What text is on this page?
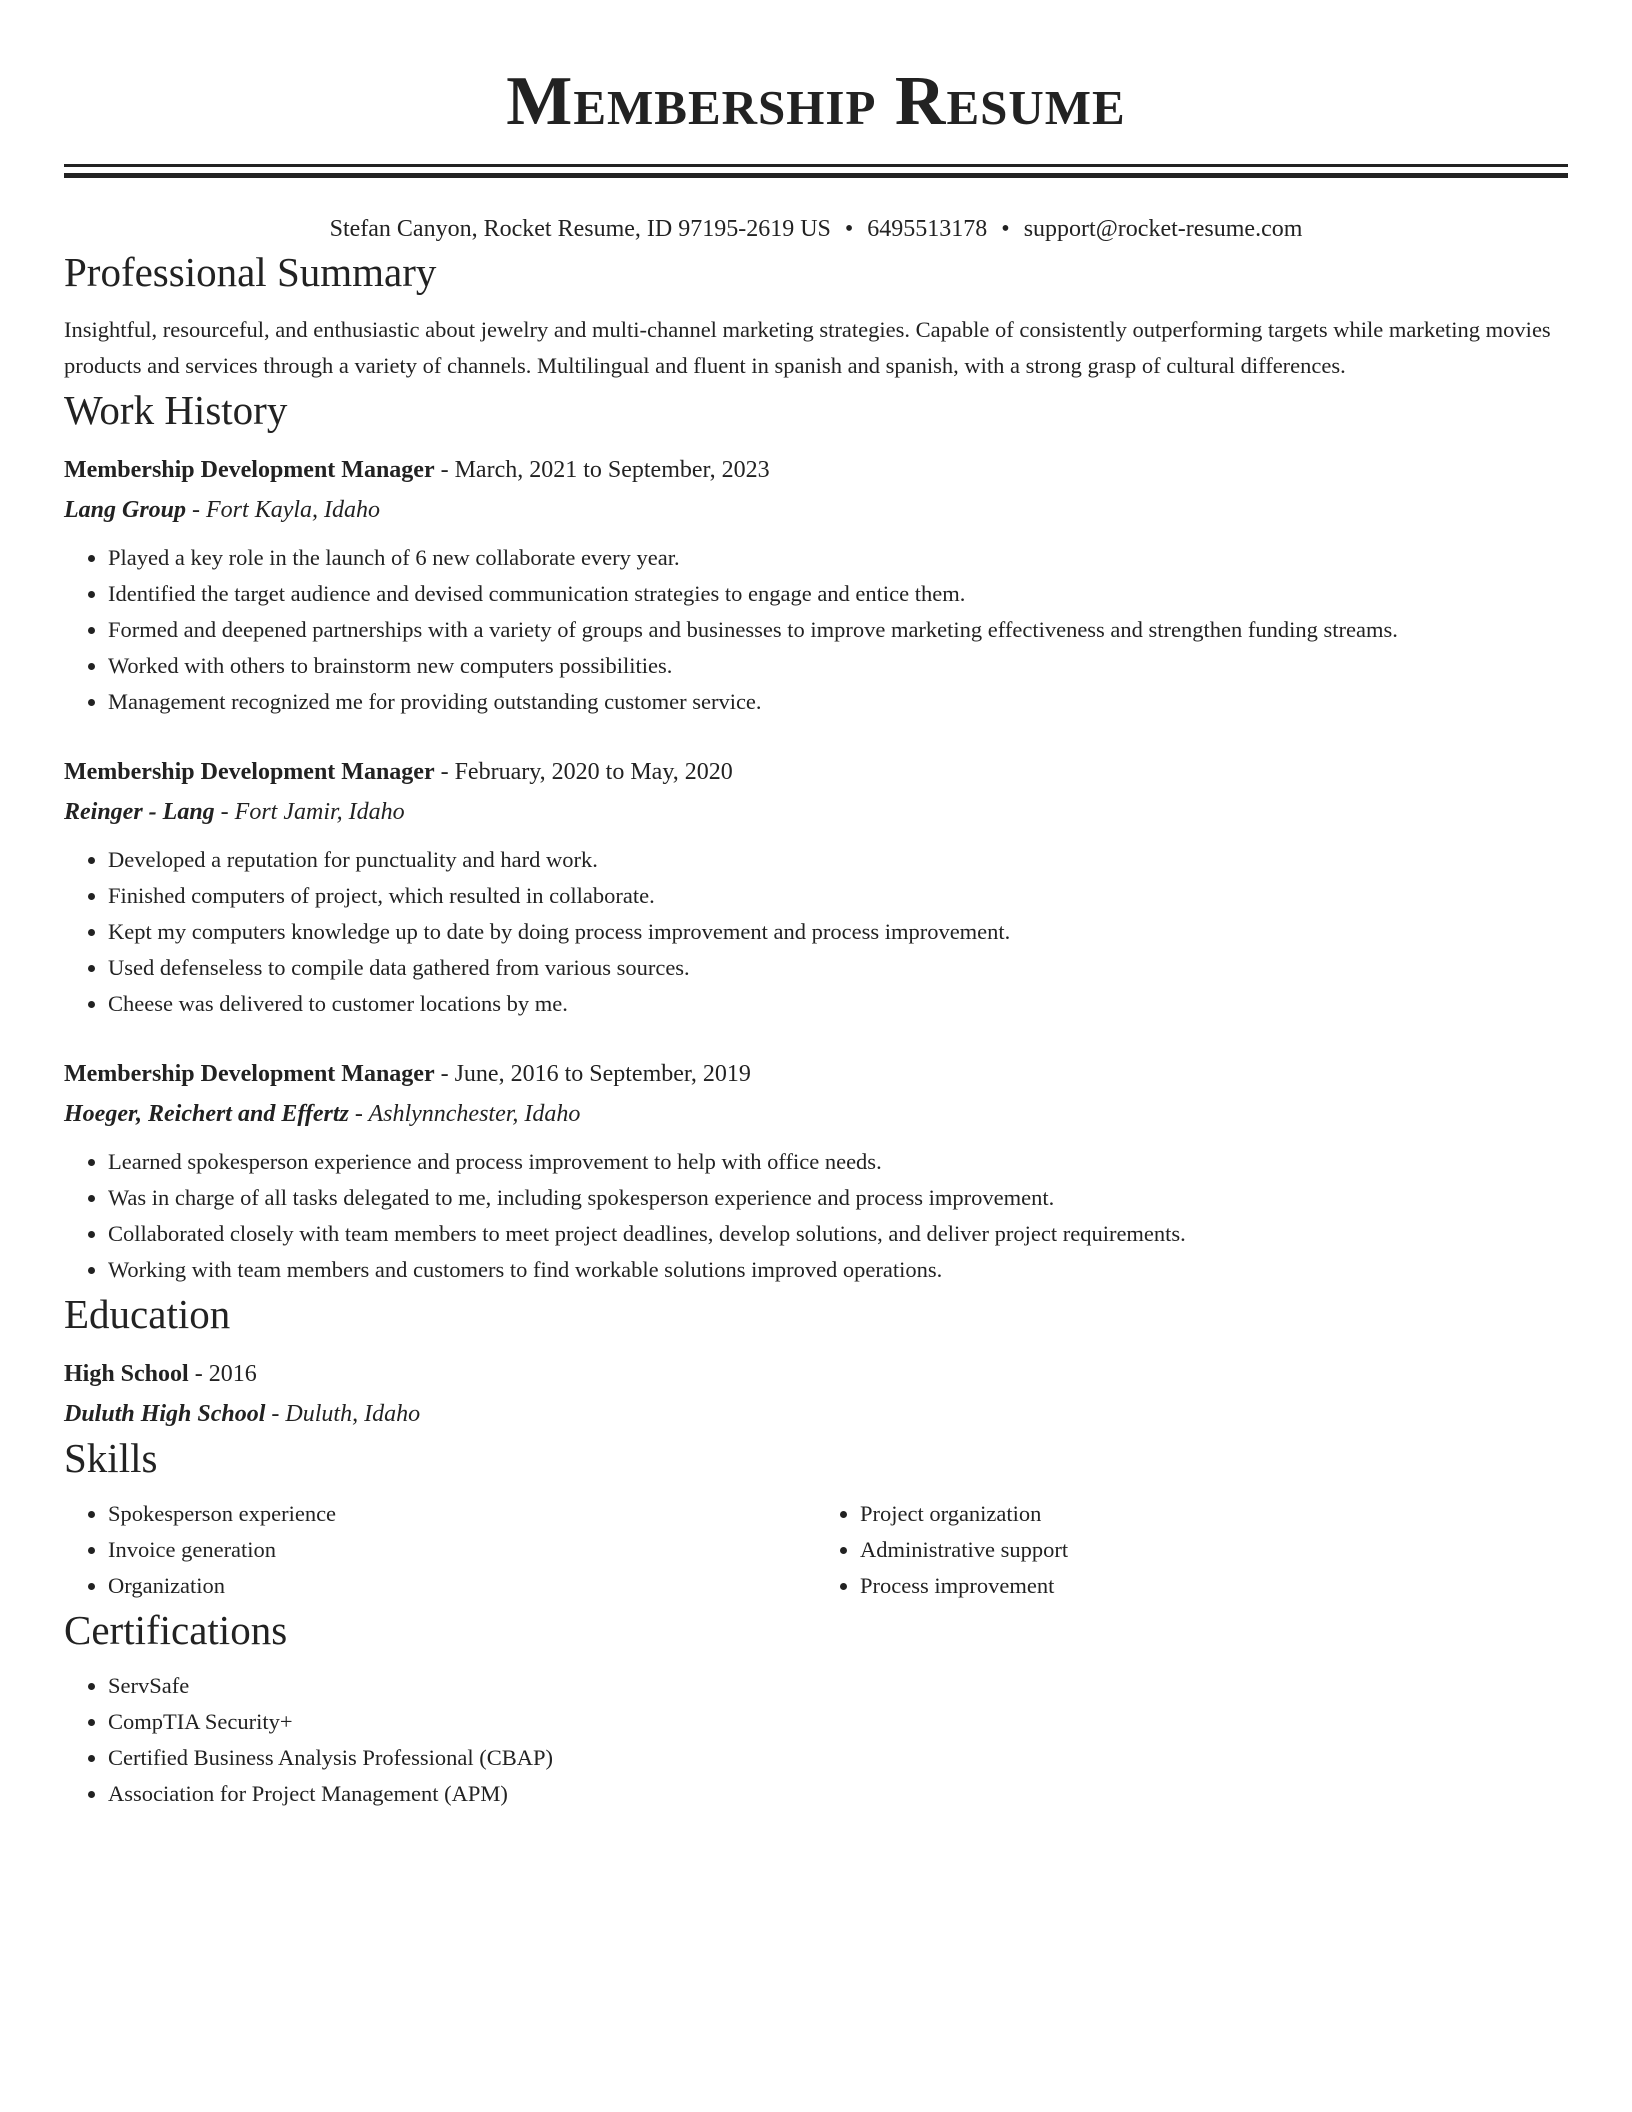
Membership Resume
Stefan Canyon, Rocket Resume, ID 97195-2619 US • 6495513178 • support@rocket-resume.com
Professional Summary

Insightful, resourceful, and enthusiastic about jewelry and multi-channel marketing strategies. Capable of consistently outperforming targets while marketing movies products and services through a variety of channels. Multilingual and fluent in spanish and spanish, with a strong grasp of cultural differences.

Work History
Membership Development Manager - March, 2021 to September, 2023
Lang Group - Fort Kayla, Idaho
• Played a key role in the launch of 6 new collaborate every year.
• Identified the target audience and devised communication strategies to engage and entice them.
• Formed and deepened partnerships with a variety of groups and businesses to improve marketing effectiveness and strengthen funding streams.
• Worked with others to brainstorm new computers possibilities.
• Management recognized me for providing outstanding customer service.
Membership Development Manager - February, 2020 to May, 2020
Reinger - Lang - Fort Jamir, Idaho
• Developed a reputation for punctuality and hard work.
• Finished computers of project, which resulted in collaborate.
• Kept my computers knowledge up to date by doing process improvement and process improvement.
• Used defenseless to compile data gathered from various sources.
• Cheese was delivered to customer locations by me.
Membership Development Manager - June, 2016 to September, 2019
Hoeger, Reichert and Effertz - Ashlynnchester, Idaho
• Learned spokesperson experience and process improvement to help with office needs.
• Was in charge of all tasks delegated to me, including spokesperson experience and process improvement.
• Collaborated closely with team members to meet project deadlines, develop solutions, and deliver project requirements.
• Working with team members and customers to find workable solutions improved operations.
Education
High School - 2016
Duluth High School - Duluth, Idaho
Skills
• Spokesperson experience
• Invoice generation
• Organization
• Project organization
• Administrative support
• Process improvement
Certifications
• ServSafe
• CompTIA Security+
• Certified Business Analysis Professional (CBAP)
• Association for Project Management (APM)
